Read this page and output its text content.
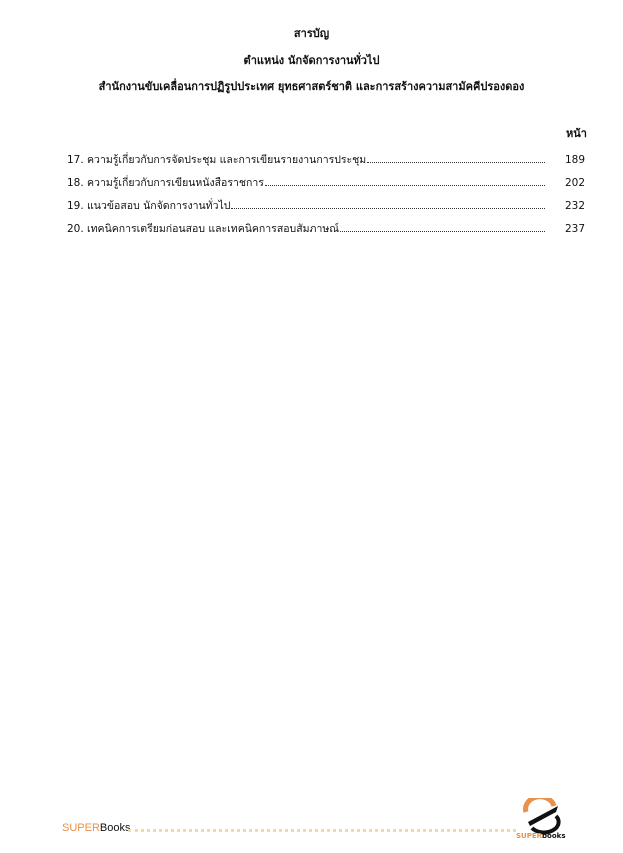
สารบัญ
ตำแหน่ง นักจัดการงานทั่วไป
สำนักงานขับเคลื่อนการปฏิรูปประเทศ ยุทธศาสตร์ชาติ และการสร้างความสามัคคีปรองดอง
หน้า
17. ความรู้เกี่ยวกับการจัดประชุม และการเขียนรายงานการประชุม	189
18. ความรู้เกี่ยวกับการเขียนหนังสือราชการ	202
19. แนวข้อสอบ นักจัดการงานทั่วไป	232
20. เทคนิคการเตรียมก่อนสอบ และเทคนิคการสอบสัมภาษณ์	237
SUPERBooks
SUPERbooks
